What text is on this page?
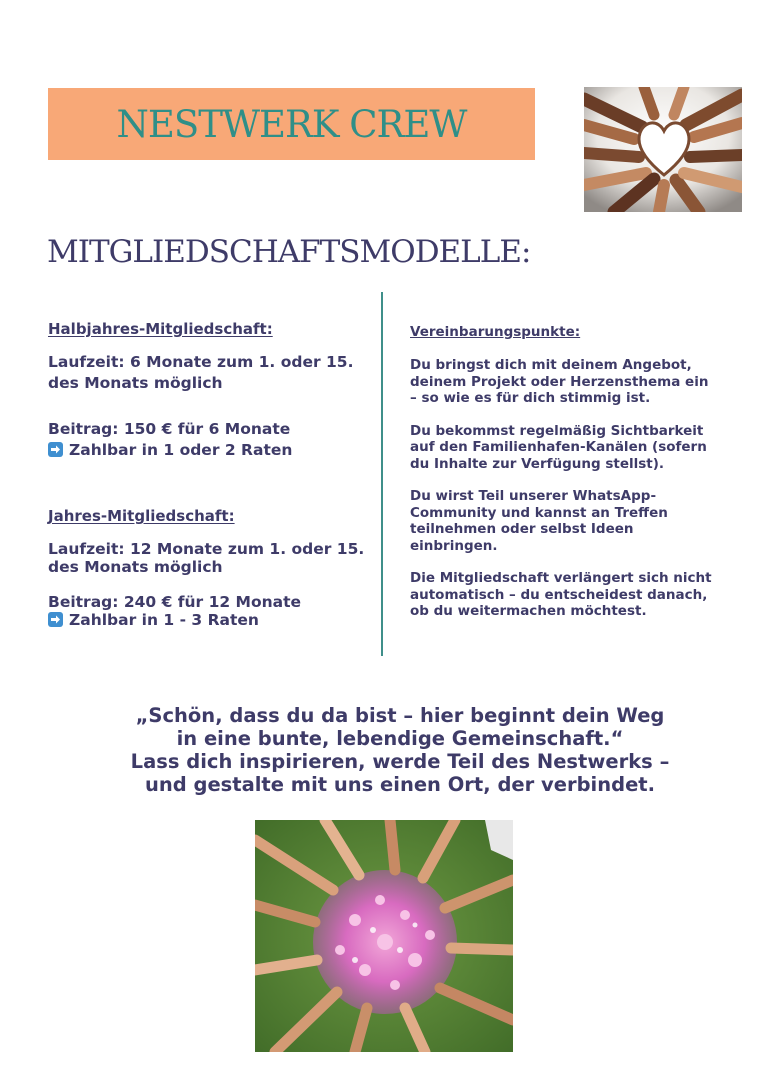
NESTWERK CREW
MITGLIEDSCHAFTSMODELLE:
Halbjahres-Mitgliedschaft:
Laufzeit: 6 Monate zum 1. oder 15.
des Monats möglich
Beitrag: 150 € für 6 Monate
Zahlbar in 1 oder 2 Raten
Jahres-Mitgliedschaft:
Laufzeit: 12 Monate zum 1. oder 15.
des Monats möglich
Beitrag: 240 € für 12 Monate
Zahlbar in 1 - 3 Raten
Vereinbarungspunkte:
Du bringst dich mit deinem Angebot,
deinem Projekt oder Herzensthema ein
– so wie es für dich stimmig ist.
Du bekommst regelmäßig Sichtbarkeit
auf den Familienhafen-Kanälen (sofern
du Inhalte zur Verfügung stellst).
Du wirst Teil unserer WhatsApp-
Community und kannst an Treffen
teilnehmen oder selbst Ideen
einbringen.
Die Mitgliedschaft verlängert sich nicht
automatisch – du entscheidest danach,
ob du weitermachen möchtest.
„Schön, dass du da bist – hier beginnt dein Weg
in eine bunte, lebendige Gemeinschaft.“
Lass dich inspirieren, werde Teil des Nestwerks –
und gestalte mit uns einen Ort, der verbindet.
